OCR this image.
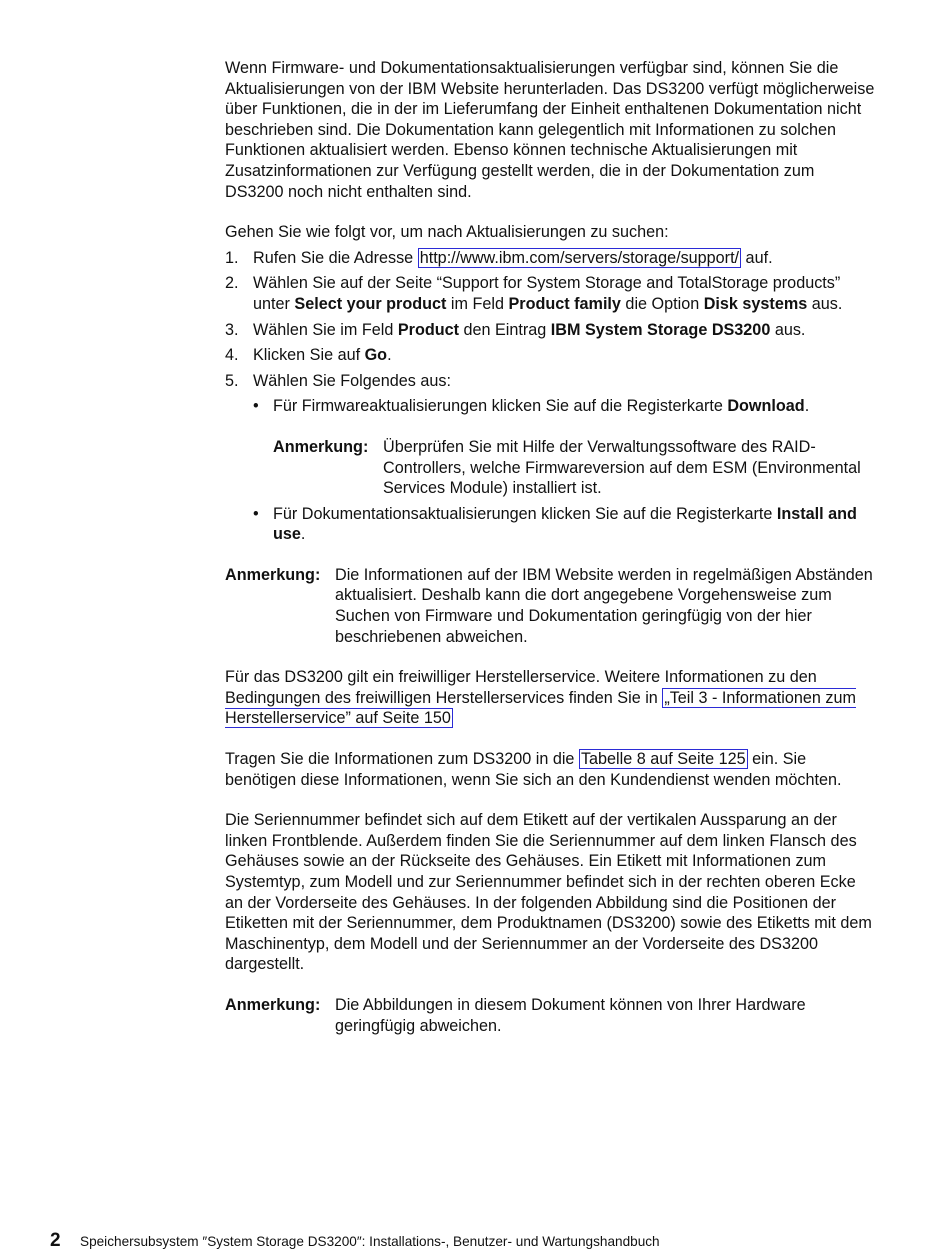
Wenn Firmware- und Dokumentationsaktualisierungen verfügbar sind, können Sie die Aktualisierungen von der IBM Website herunterladen. Das DS3200 verfügt möglicherweise über Funktionen, die in der im Lieferumfang der Einheit enthaltenen Dokumentation nicht beschrieben sind. Die Dokumentation kann gelegentlich mit Informationen zu solchen Funktionen aktualisiert werden. Ebenso können technische Aktualisierungen mit Zusatzinformationen zur Verfügung gestellt werden, die in der Dokumentation zum DS3200 noch nicht enthalten sind.

Gehen Sie wie folgt vor, um nach Aktualisierungen zu suchen:

1. Rufen Sie die Adresse http://www.ibm.com/servers/storage/support/ auf.
2. Wählen Sie auf der Seite “Support for System Storage and TotalStorage products” unter Select your product im Feld Product family die Option Disk systems aus.
3. Wählen Sie im Feld Product den Eintrag IBM System Storage DS3200 aus.
4. Klicken Sie auf Go.
5. Wählen Sie Folgendes aus:
• Für Firmwareaktualisierungen klicken Sie auf die Registerkarte Download.
Anmerkung: Überprüfen Sie mit Hilfe der Verwaltungssoftware des RAID-Controllers, welche Firmwareversion auf dem ESM (Environmental Services Module) installiert ist.
• Für Dokumentationsaktualisierungen klicken Sie auf die Registerkarte Install and use.
Anmerkung: Die Informationen auf der IBM Website werden in regelmäßigen Abständen aktualisiert. Deshalb kann die dort angegebene Vorgehensweise zum Suchen von Firmware und Dokumentation geringfügig von der hier beschriebenen abweichen.

Für das DS3200 gilt ein freiwilliger Herstellerservice. Weitere Informationen zu den Bedingungen des freiwilligen Herstellerservices finden Sie in „Teil 3 - Informationen zum Herstellerservice” auf Seite 150

Tragen Sie die Informationen zum DS3200 in die Tabelle 8 auf Seite 125 ein. Sie benötigen diese Informationen, wenn Sie sich an den Kundendienst wenden möchten.

Die Seriennummer befindet sich auf dem Etikett auf der vertikalen Aussparung an der linken Frontblende. Außerdem finden Sie die Seriennummer auf dem linken Flansch des Gehäuses sowie an der Rückseite des Gehäuses. Ein Etikett mit Informationen zum Systemtyp, zum Modell und zur Seriennummer befindet sich in der rechten oberen Ecke an der Vorderseite des Gehäuses. In der folgenden Abbildung sind die Positionen der Etiketten mit der Seriennummer, dem Produktnamen (DS3200) sowie des Etiketts mit dem Maschinentyp, dem Modell und der Seriennummer an der Vorderseite des DS3200 dargestellt.

Anmerkung: Die Abbildungen in diesem Dokument können von Ihrer Hardware geringfügig abweichen.
2 Speichersubsystem ″System Storage DS3200″: Installations-, Benutzer- und Wartungshandbuch
